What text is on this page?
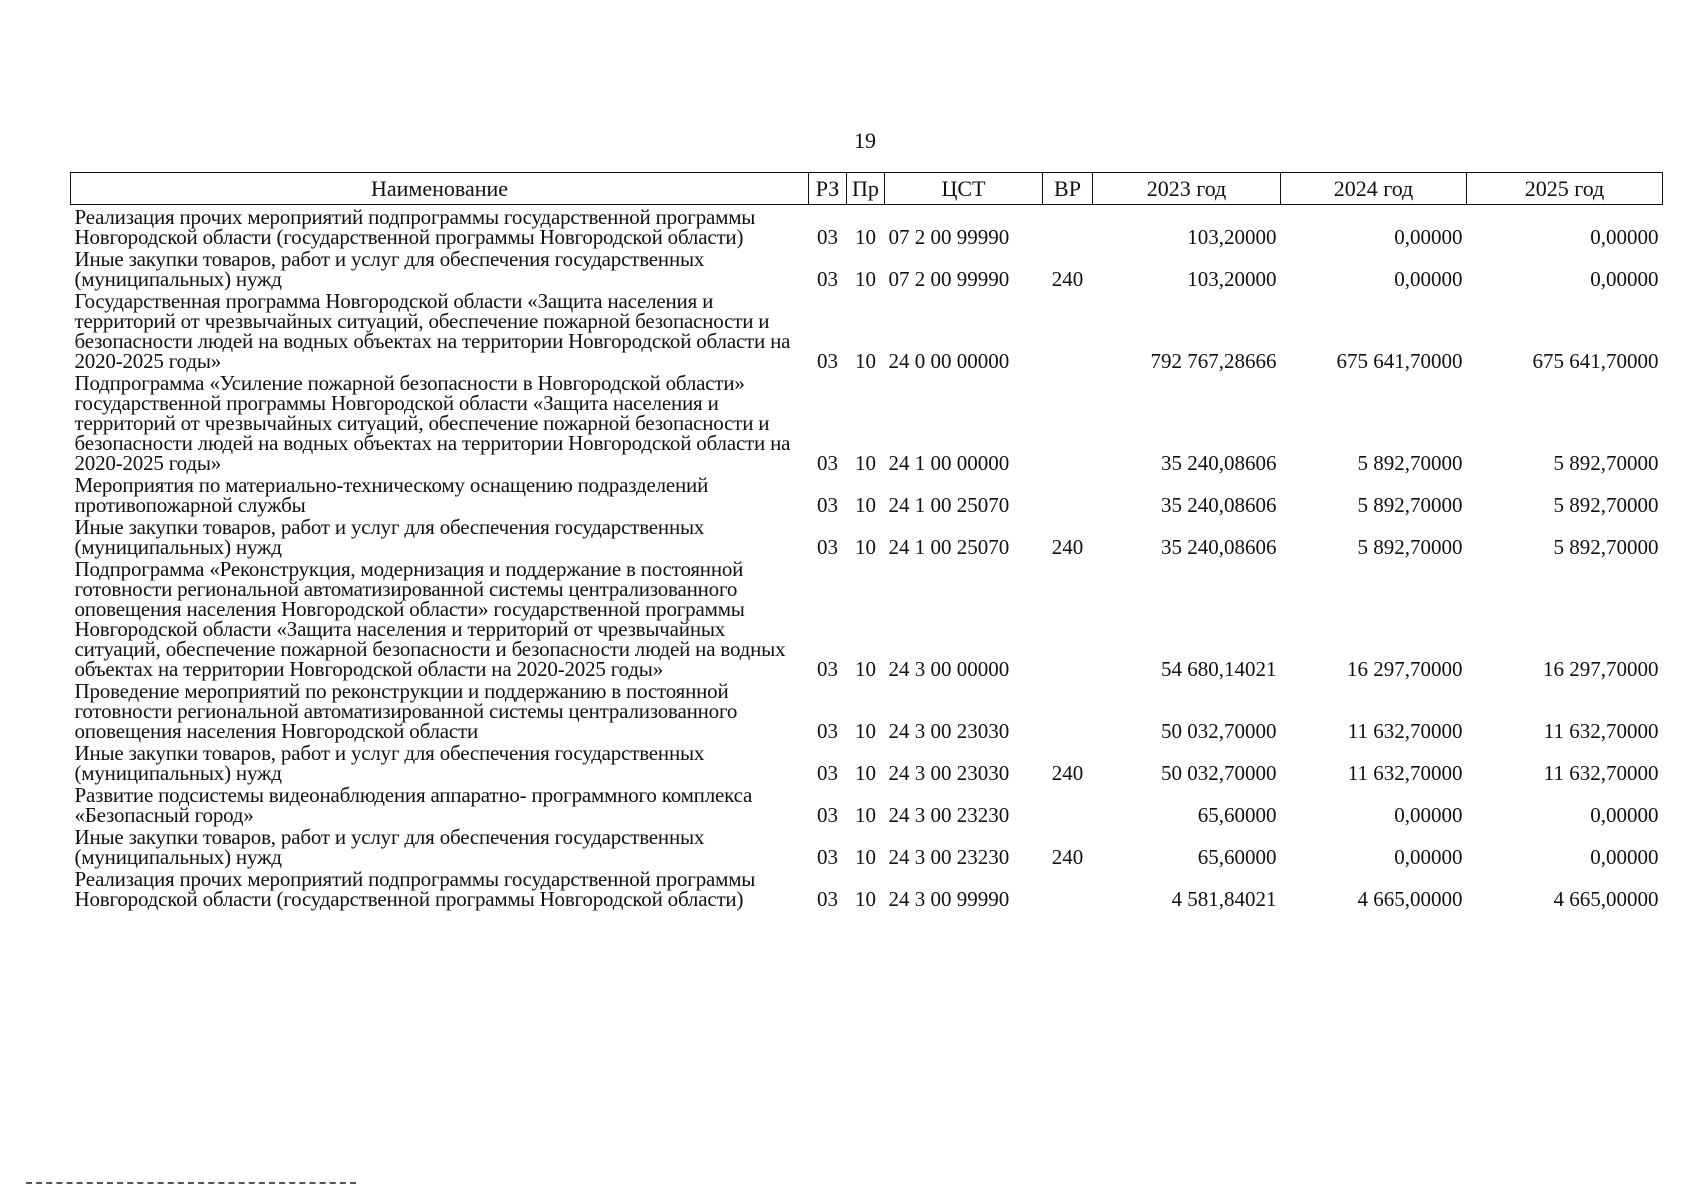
19
Наименование	РЗ	Пр	ЦСТ	ВР	2023 год	2024 год	2025 год
Реализация прочих мероприятий подпрограммы государственной программы Новгородской области (государственной программы Новгородской области)	03	10	07 2 00 99990		103,20000	0,00000	0,00000
Иные закупки товаров, работ и услуг для обеспечения государственных (муниципальных) нужд	03	10	07 2 00 99990	240	103,20000	0,00000	0,00000
Государственная программа Новгородской области «Защита населения и территорий от чрезвычайных ситуаций, обеспечение пожарной безопасности и безопасности людей на водных объектах на территории Новгородской области на 2020-2025 годы»	03	10	24 0 00 00000		792 767,28666	675 641,70000	675 641,70000
Подпрограмма «Усиление пожарной безопасности в Новгородской области» государственной программы Новгородской области «Защита населения и территорий от чрезвычайных ситуаций, обеспечение пожарной безопасности и безопасности людей на водных объектах на территории Новгородской области на 2020-2025 годы»	03	10	24 1 00 00000		35 240,08606	5 892,70000	5 892,70000
Мероприятия по материально-техническому оснащению подразделений противопожарной службы	03	10	24 1 00 25070		35 240,08606	5 892,70000	5 892,70000
Иные закупки товаров, работ и услуг для обеспечения государственных (муниципальных) нужд	03	10	24 1 00 25070	240	35 240,08606	5 892,70000	5 892,70000
Подпрограмма «Реконструкция, модернизация и поддержание в постоянной готовности региональной автоматизированной системы централизованного оповещения населения Новгородской области» государственной программы Новгородской области «Защита населения и территорий от чрезвычайных ситуаций, обеспечение пожарной безопасности и безопасности людей на водных объектах на территории Новгородской области на 2020-2025 годы»	03	10	24 3 00 00000		54 680,14021	16 297,70000	16 297,70000
Проведение мероприятий по реконструкции и поддержанию в постоянной готовности региональной автоматизированной системы централизованного оповещения населения Новгородской области	03	10	24 3 00 23030		50 032,70000	11 632,70000	11 632,70000
Иные закупки товаров, работ и услуг для обеспечения государственных (муниципальных) нужд	03	10	24 3 00 23030	240	50 032,70000	11 632,70000	11 632,70000
Развитие подсистемы видеонаблюдения аппаратно- программного комплекса «Безопасный город»	03	10	24 3 00 23230		65,60000	0,00000	0,00000
Иные закупки товаров, работ и услуг для обеспечения государственных (муниципальных) нужд	03	10	24 3 00 23230	240	65,60000	0,00000	0,00000
Реализация прочих мероприятий подпрограммы государственной программы Новгородской области (государственной программы Новгородской области)	03	10	24 3 00 99990		4 581,84021	4 665,00000	4 665,00000
